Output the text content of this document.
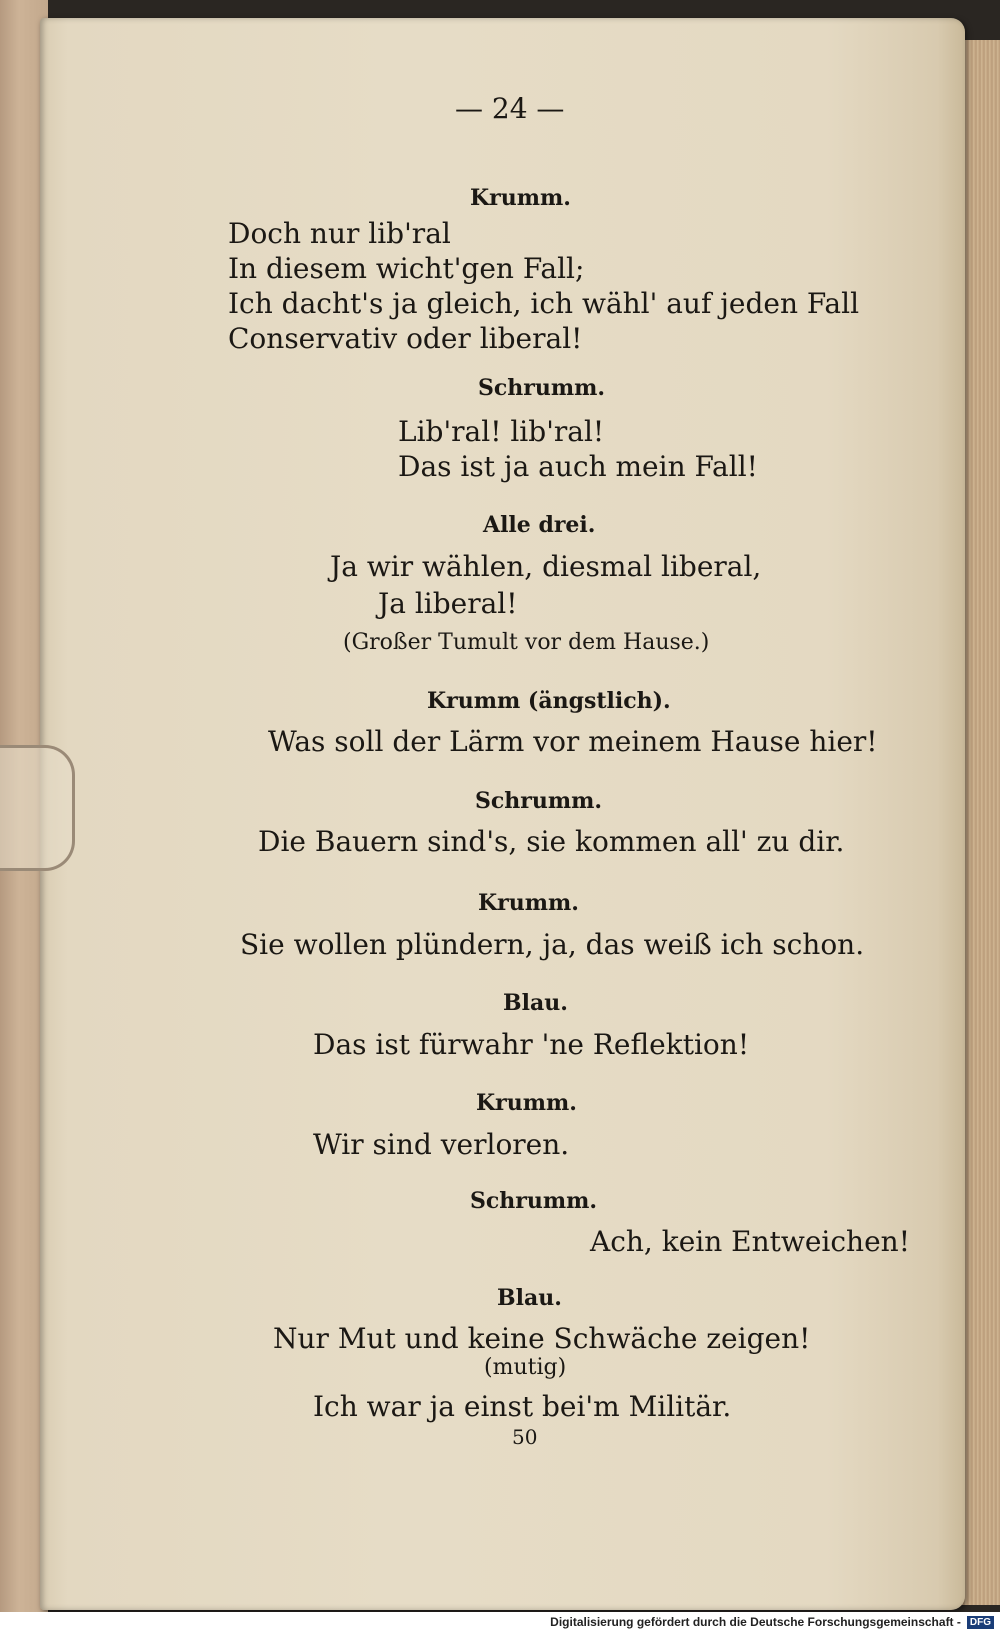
— 24 —
Krumm.
Doch nur lib'ral
In diesem wicht'gen Fall;
Ich dacht's ja gleich, ich wähl' auf jeden Fall
Conservativ oder liberal!
Schrumm.
Lib'ral! lib'ral!
Das ist ja auch mein Fall!
Alle drei.
Ja wir wählen, diesmal liberal,
Ja liberal!
(Großer Tumult vor dem Hause.)
Krumm (ängstlich).
Was soll der Lärm vor meinem Hause hier!
Schrumm.
Die Bauern sind's, sie kommen all' zu dir.
Krumm.
Sie wollen plündern, ja, das weiß ich schon.
Blau.
Das ist fürwahr 'ne Reflektion!
Krumm.
Wir sind verloren.
Schrumm.
Ach, kein Entweichen!
Blau.
Nur Mut und keine Schwäche zeigen!
(mutig)
Ich war ja einst bei'm Militär.
50
Digitalisierung gefördert durch die Deutsche Forschungsgemeinschaft - DFG
